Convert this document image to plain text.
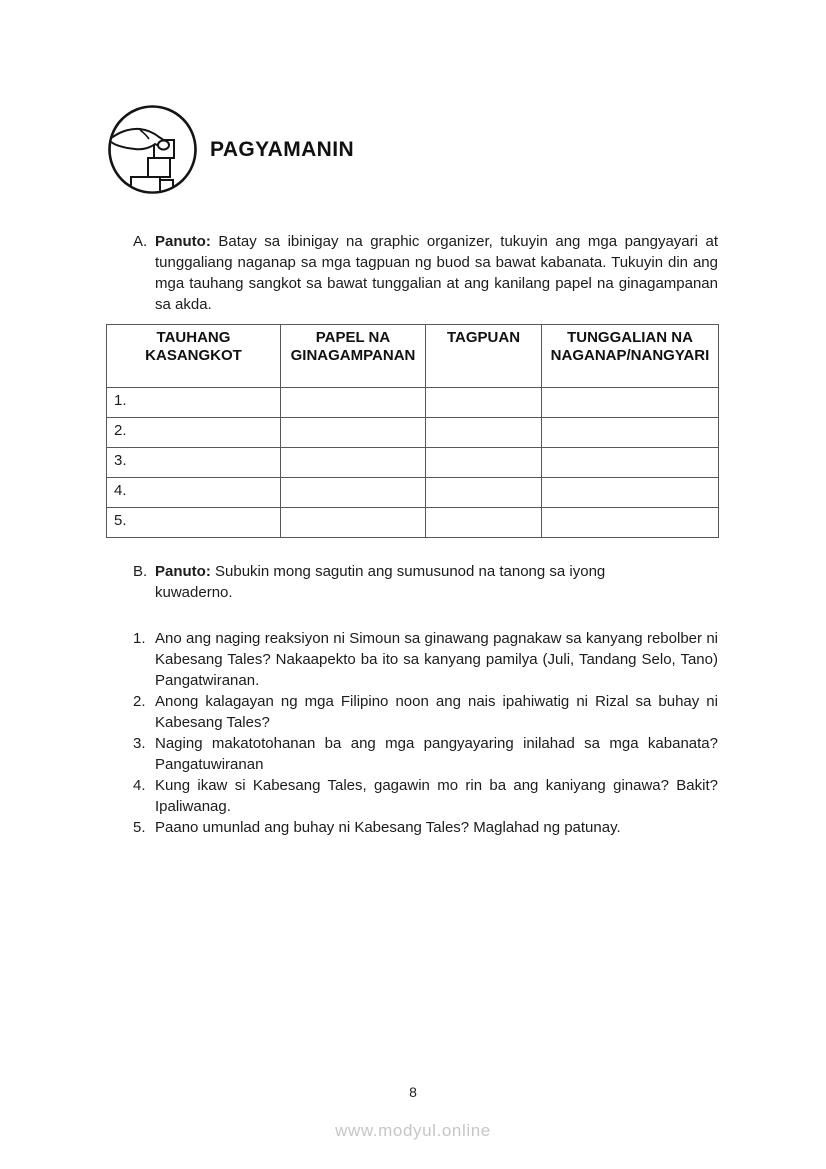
PAGYAMANIN
A. Panuto: Batay sa ibinigay na graphic organizer, tukuyin ang mga pangyayari at tunggaliang naganap sa mga tagpuan ng buod sa bawat kabanata. Tukuyin din ang mga tauhang sangkot sa bawat tunggalian at ang kanilang papel na ginagampanan sa akda.

TAUHANG KASANGKOT	PAPEL NA GINAGAMPANAN	TAGPUAN	TUNGGALIAN NA NAGANAP/NANGYARI
1.			
2.			
3.			
4.			
5.			
B. Panuto: Subukin mong sagutin ang sumusunod na tanong sa iyong
kuwaderno.

1. Ano ang naging reaksiyon ni Simoun sa ginawang pagnakaw sa kanyang rebolber ni Kabesang Tales? Nakaapekto ba ito sa kanyang pamilya (Juli, Tandang Selo, Tano) Pangatwiranan.

2. Anong kalagayan ng mga Filipino noon ang nais ipahiwatig ni Rizal sa buhay ni Kabesang Tales?

3. Naging makatotohanan ba ang mga pangyayaring inilahad sa mga kabanata? Pangatuwiranan

4. Kung ikaw si Kabesang Tales, gagawin mo rin ba ang kaniyang ginawa? Bakit? Ipaliwanag.

5. Paano umunlad ang buhay ni Kabesang Tales? Maglahad ng patunay.

8
www.modyul.online
